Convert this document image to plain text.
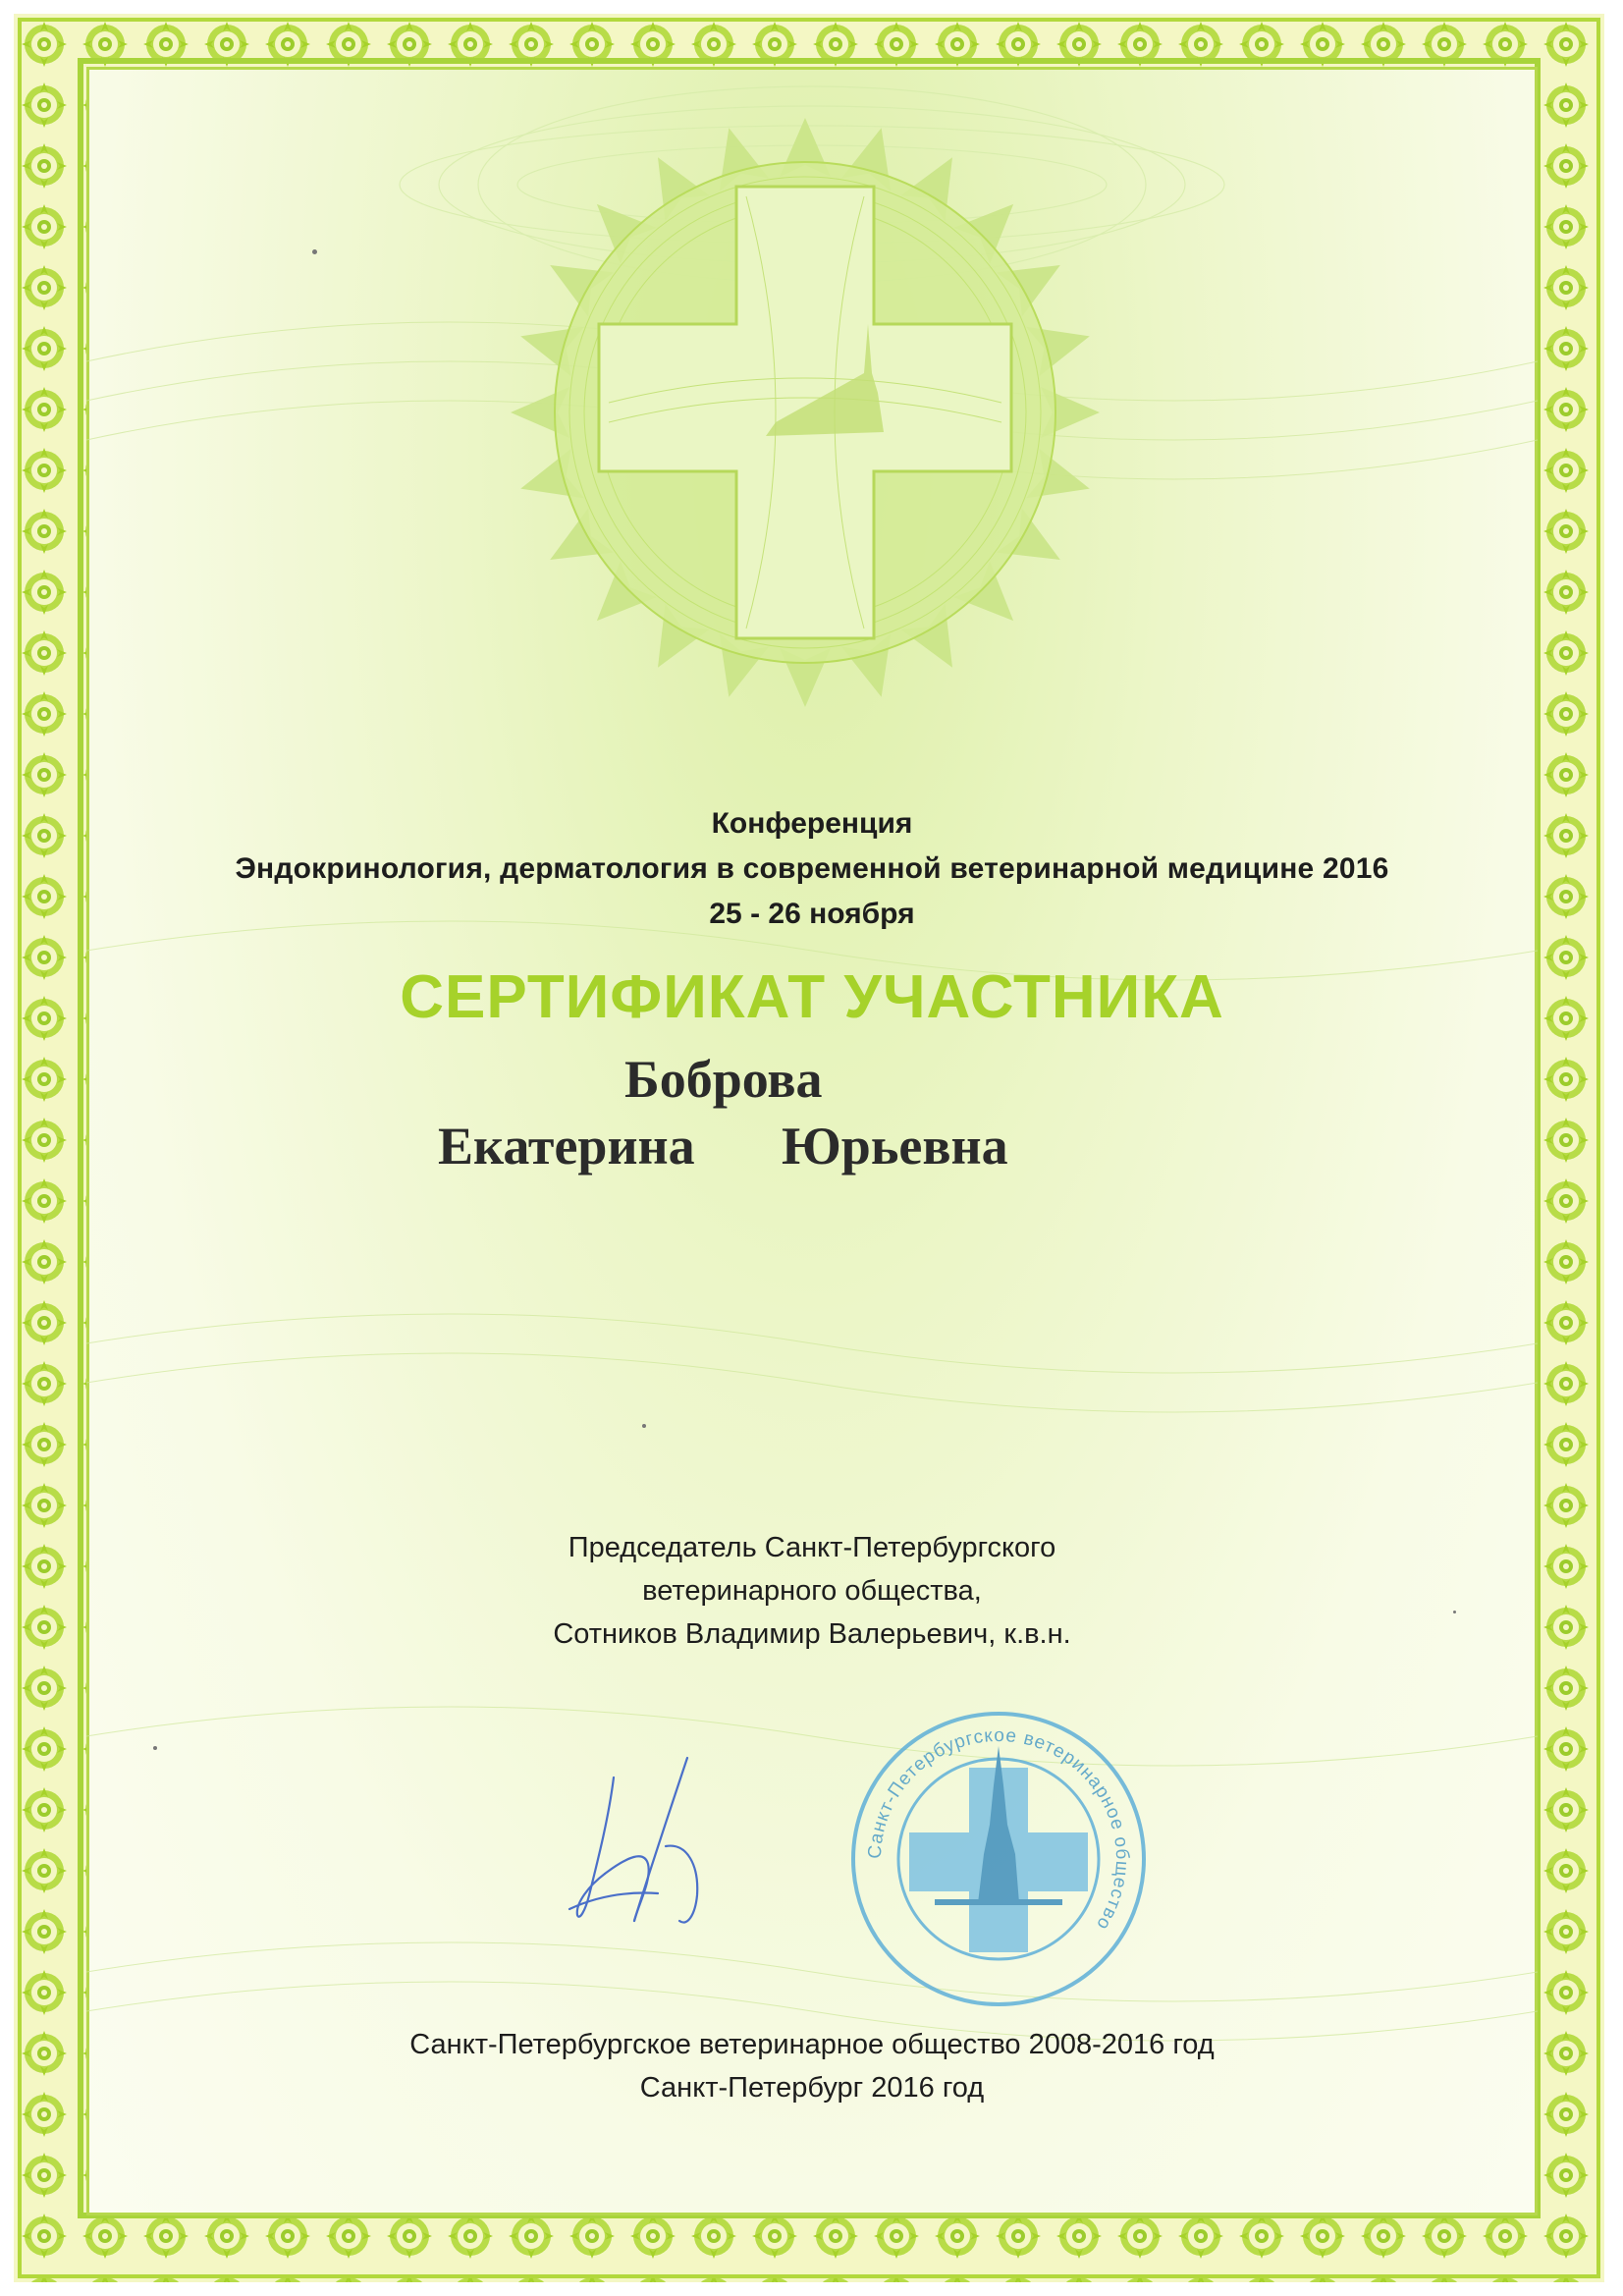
Конференция
Эндокринология, дерматология в современной ветеринарной медицине 2016
25 - 26 ноября
СЕРТИФИКАТ УЧАСТНИКА
Боброва
Екатерина Юрьевна
Председатель Санкт-Петербургского
ветеринарного общества,
Сотников Владимир Валерьевич, к.в.н.
Санкт-Петербургское ветеринарное общество
Санкт-Петербургское ветеринарное общество 2008-2016 год
Санкт-Петербург 2016 год
